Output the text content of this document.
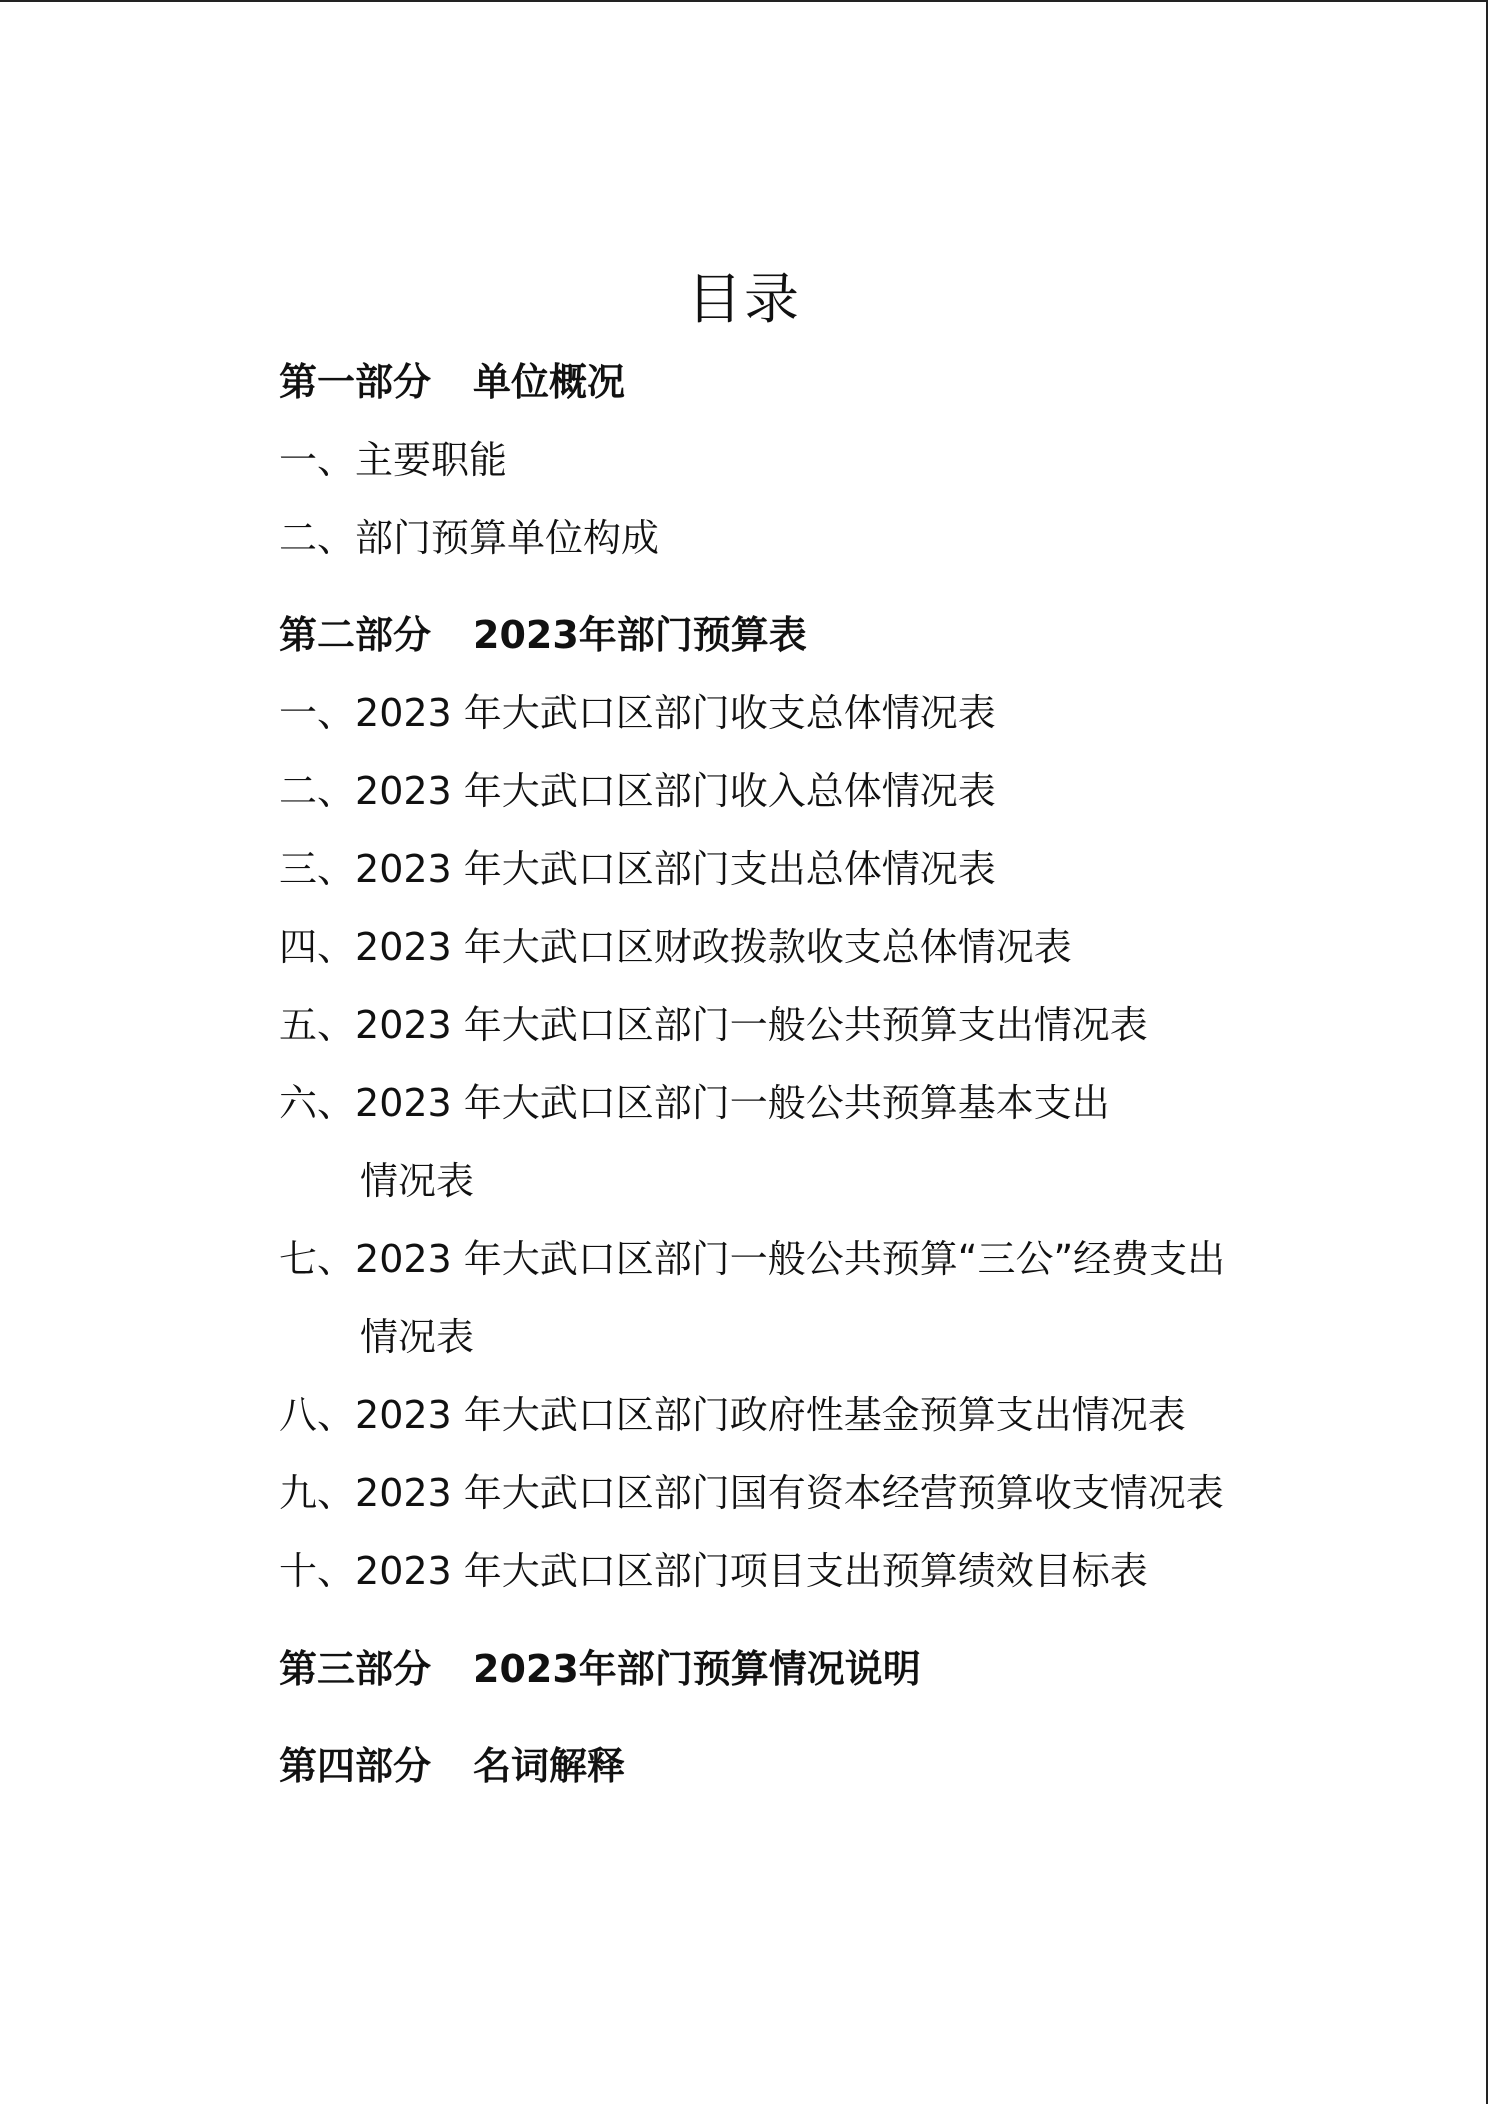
目录

第一部分 单位概况

一、主要职能

二、部门预算单位构成

第二部分 2023年部门预算表

一、2023 年大武口区部门收支总体情况表

二、2023 年大武口区部门收入总体情况表

三、2023 年大武口区部门支出总体情况表

四、2023 年大武口区财政拨款收支总体情况表

五、2023 年大武口区部门一般公共预算支出情况表

六、2023 年大武口区部门一般公共预算基本支出

情况表

七、2023 年大武口区部门一般公共预算“三公”经费支出

情况表

八、2023 年大武口区部门政府性基金预算支出情况表

九、2023 年大武口区部门国有资本经营预算收支情况表

十、2023 年大武口区部门项目支出预算绩效目标表

第三部分 2023年部门预算情况说明

第四部分 名词解释
